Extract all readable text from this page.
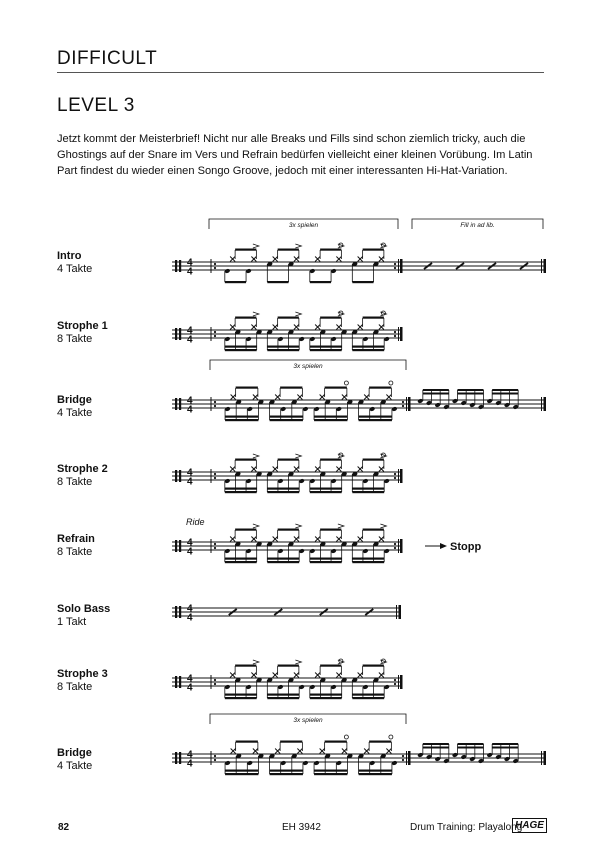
DIFFICULT
LEVEL 3
Jetzt kommt der Meisterbrief! Nicht nur alle Breaks und Fills sind schon ziemlich tricky, auch die Ghostings auf der Snare im Vers und Refrain bedürfen vielleicht einer kleinen Vorübung. Im Latin Part findest du wieder einen Songo Groove, jedoch mit einer interessanten Hi-Hat-Variation.
Intro
4 Takte
Strophe 1
8 Takte
Bridge
4 Takte
Strophe 2
8 Takte
Refrain
8 Takte
Solo Bass
1 Takt
Strophe 3
8 Takte
Bridge
4 Takte
4
4
3x spielen	Fill in ad lib.
4
4
4
4
3x spielen
4
4
4
4
Ride
Stopp
4
4
4
4
4
4
3x spielen
82	EH 3942	Drum Training: Playalong
HAGE
